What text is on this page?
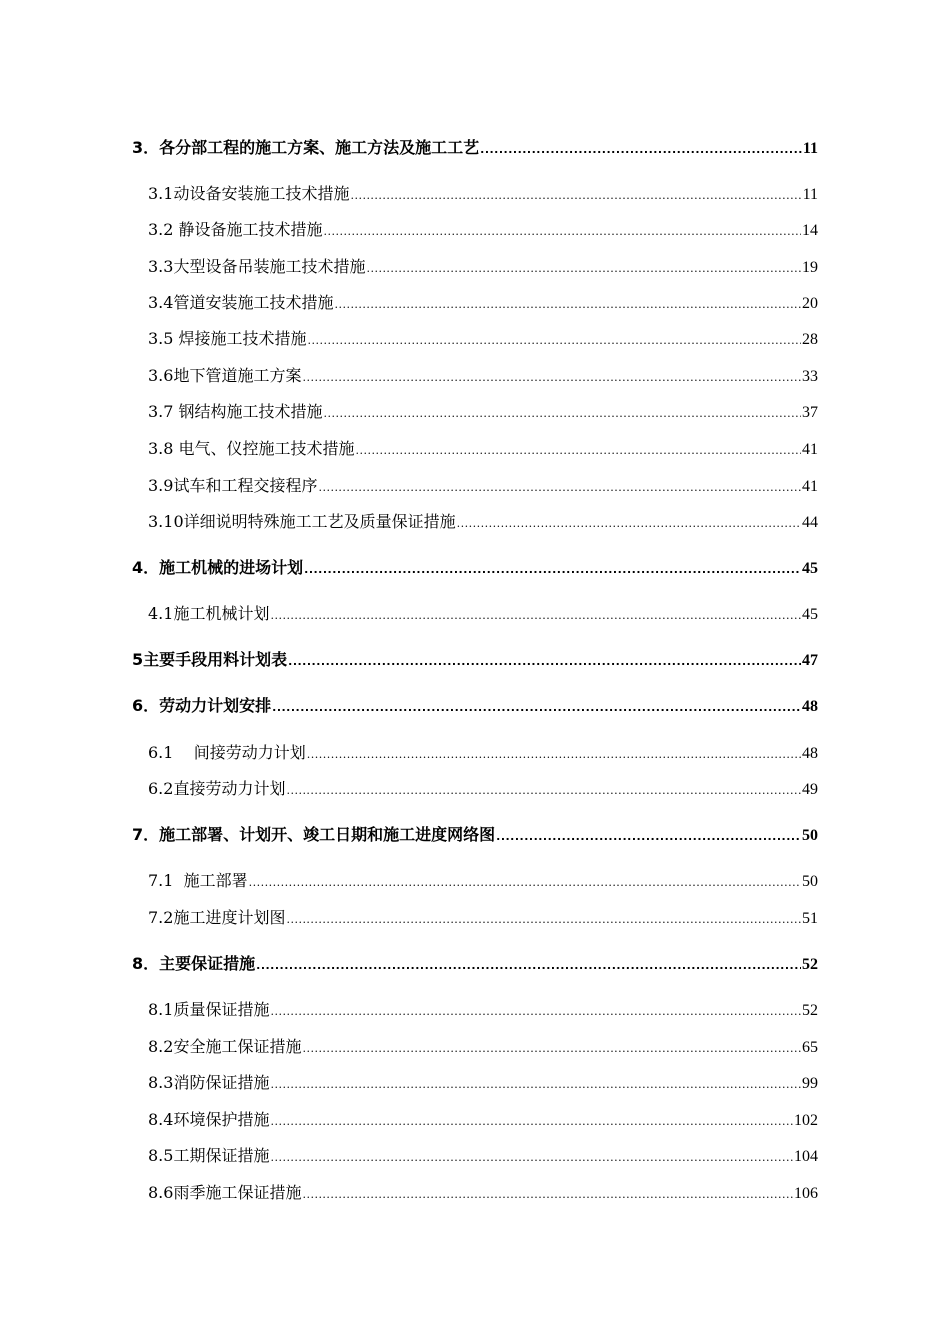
3．各分部工程的施工方案、施工方法及施工工艺 .....	11
3.1动设备安装施工技术措施 .....	11
3.2 静设备施工技术措施 .....	14
3.3大型设备吊装施工技术措施 .....	19
3.4管道安装施工技术措施 .....	20
3.5 焊接施工技术措施 .....	28
3.6地下管道施工方案 .....	33
3.7 钢结构施工技术措施 .....	37
3.8 电气、仪控施工技术措施 .....	41
3.9试车和工程交接程序 .....	41
3.10详细说明特殊施工工艺及质量保证措施 .....	44
4．施工机械的进场计划 .....	45
4.1施工机械计划 .....	45
5主要手段用料计划表 .....	47
6．劳动力计划安排 .....	48
6.1    间接劳动力计划 .....	48
6.2直接劳动力计划 .....	49
7．施工部署、计划开、竣工日期和施工进度网络图 .....	50
7.1  施工部署 .....	50
7.2施工进度计划图 .....	51
8．主要保证措施 .....	52
8.1质量保证措施 .....	52
8.2安全施工保证措施 .....	65
8.3消防保证措施 .....	99
8.4环境保护措施 .....	102
8.5工期保证措施 .....	104
8.6雨季施工保证措施 .....	106
